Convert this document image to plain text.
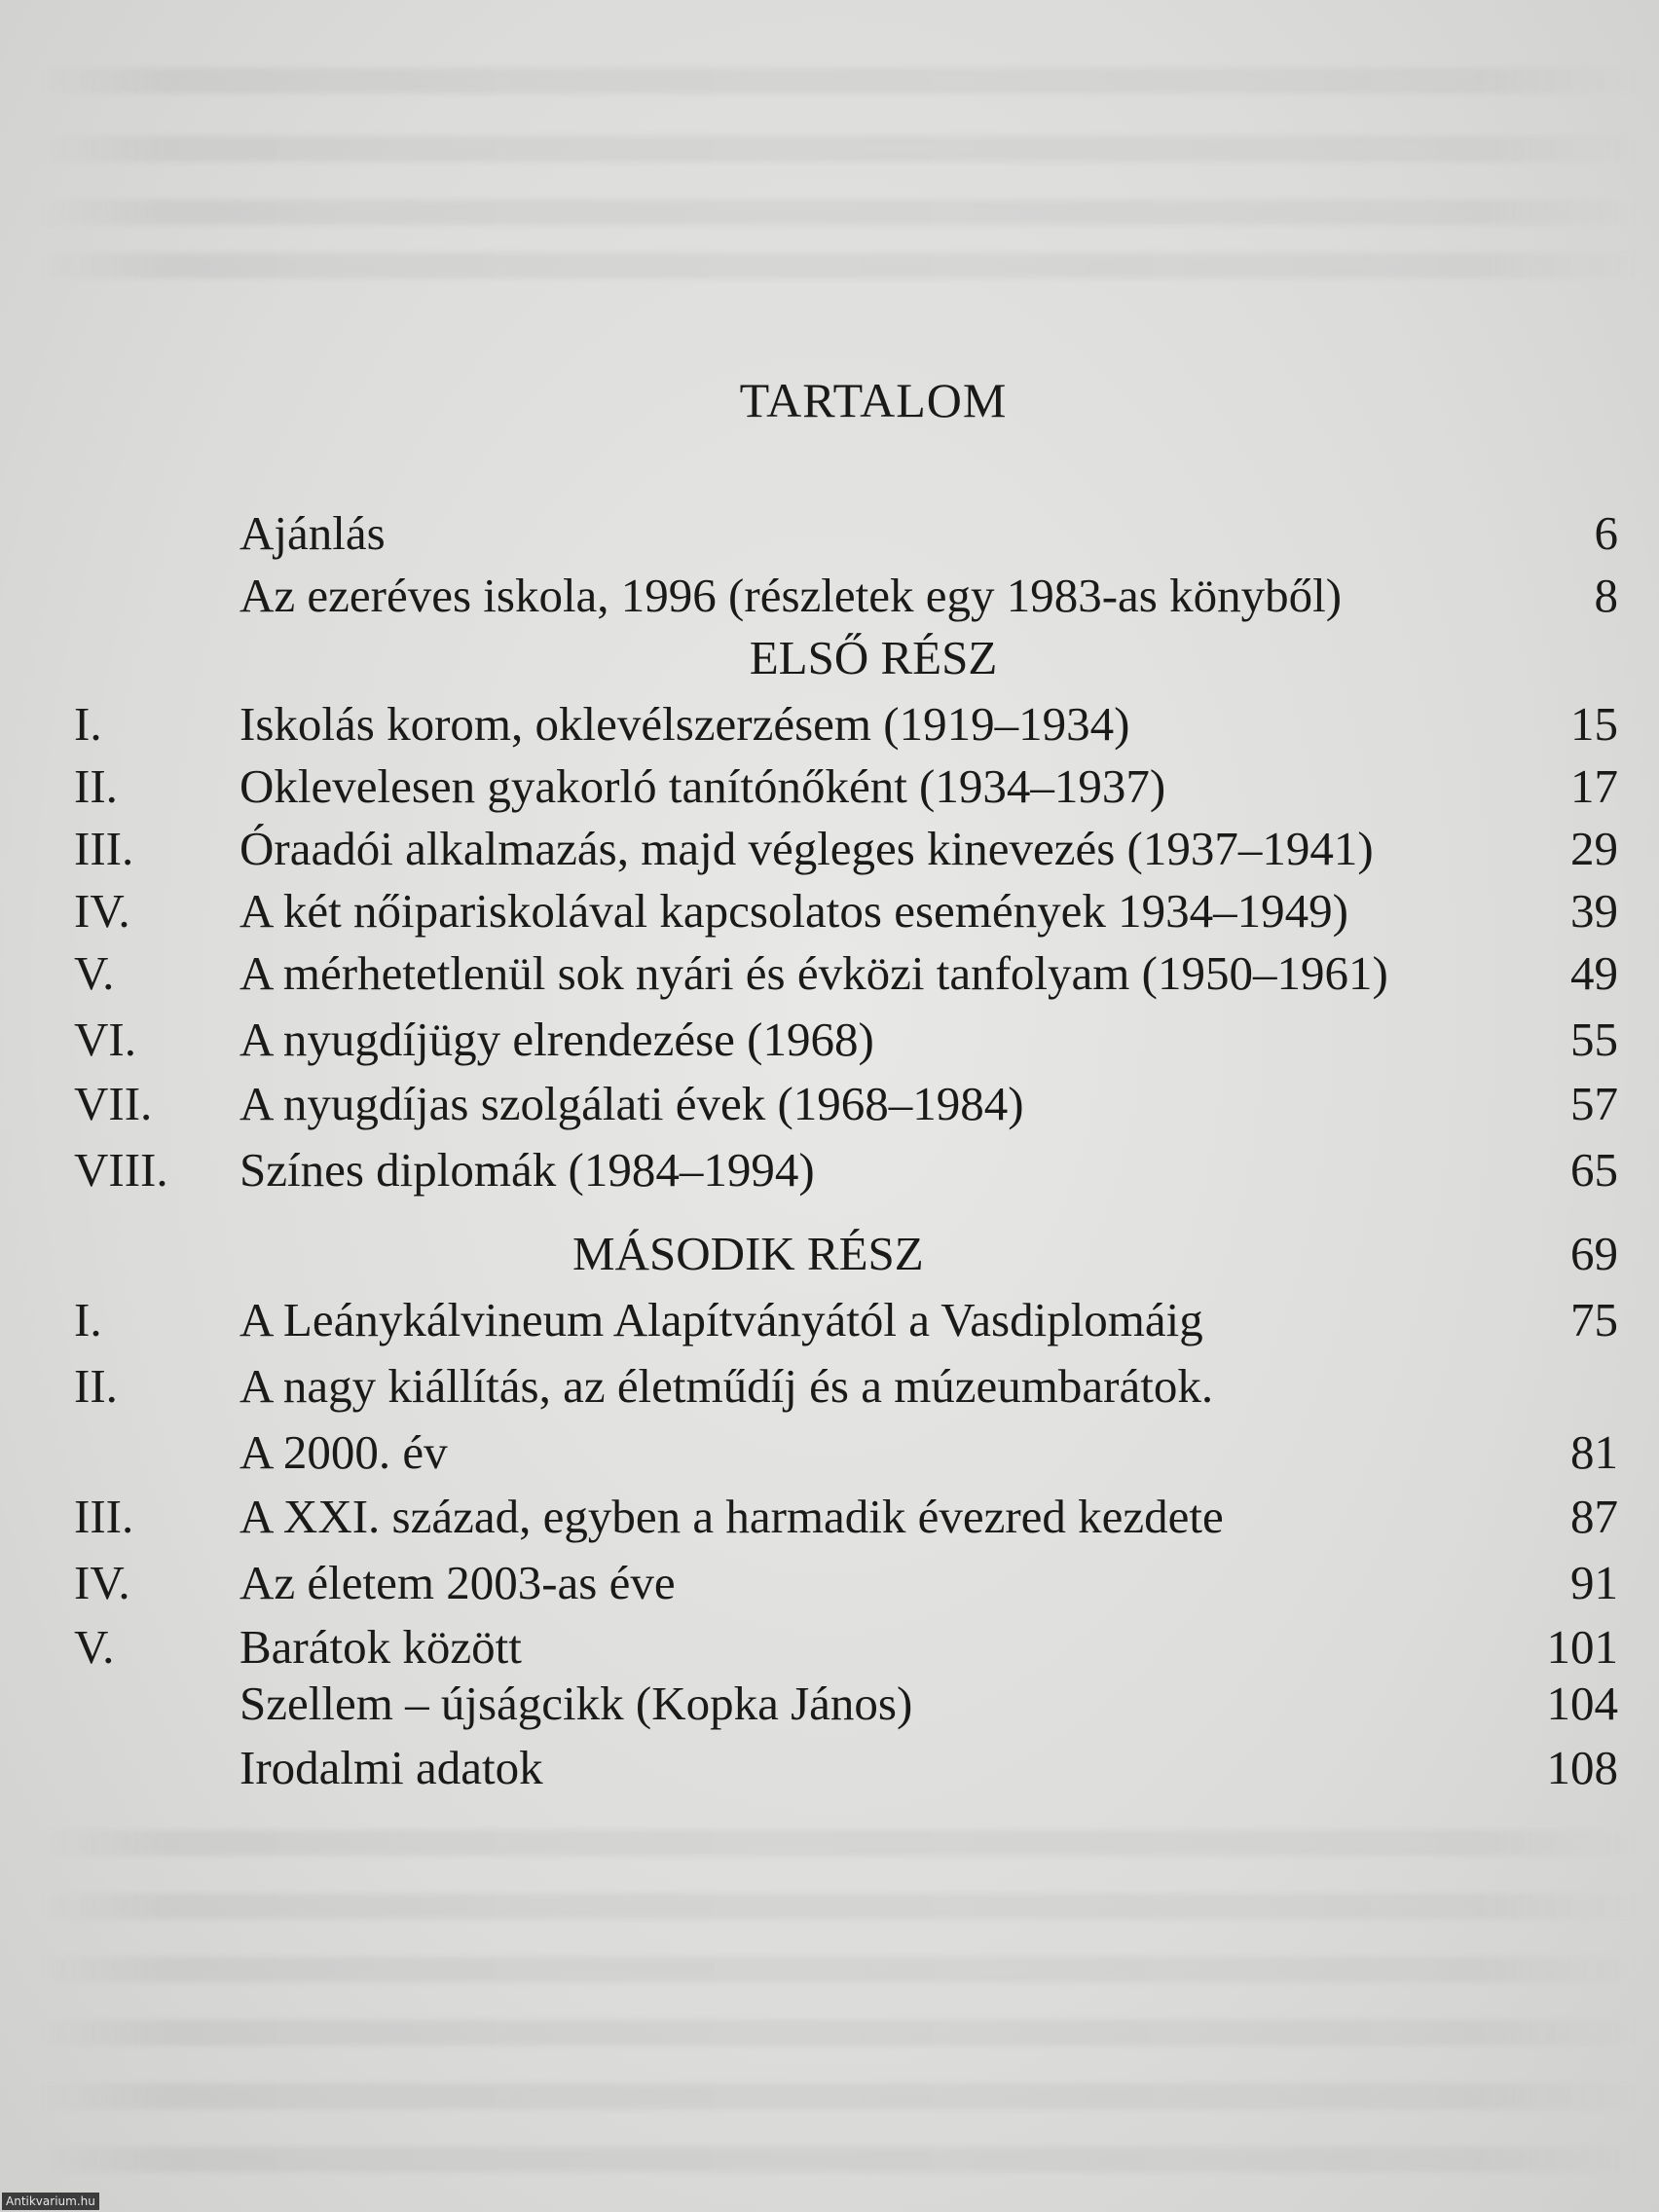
TARTALOM
Ajánlás	6
Az ezeréves iskola, 1996 (részletek egy 1983-as könyből)	8
ELSŐ RÉSZ
I.	Iskolás korom, oklevélszerzésem (1919–1934)	15
II.	Oklevelesen gyakorló tanítónőként (1934–1937)	17
III. Óraadói alkalmazás, majd végleges kinevezés (1937–1941)	29
IV. A két nőipariskolával kapcsolatos események 1934–1949)	39
V.	A mérhetetlenül sok nyári és évközi tanfolyam (1950–1961)	49
VI. A nyugdíjügy elrendezése (1968)	55
VII. A nyugdíjas szolgálati évek (1968–1984)	57
VIII. Színes diplomák (1984–1994)	65
MÁSODIK RÉSZ	69
I.	A Leánykálvineum Alapítványától a Vasdiplomáig	75
II.	A nagy kiállítás, az életműdíj és a múzeumbarátok.
A 2000. év	81
III. A XXI. század, egyben a harmadik évezred kezdete	87
IV. Az életem 2003-as éve	91
V.	Barátok között	101
Szellem – újságcikk (Kopka János)	104
Irodalmi adatok	108
Antikvarium.hu
